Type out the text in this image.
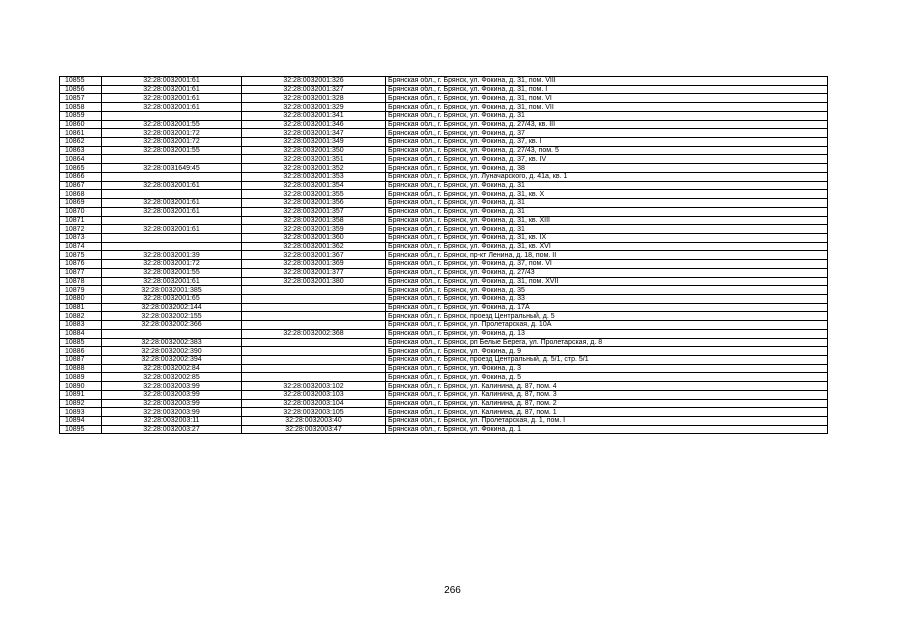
10855	32:28:0032001:61	32:28:0032001:326	Брянская обл., г. Брянск, ул. Фокина, д. 31, пом. VIII
10856	32:28:0032001:61	32:28:0032001:327	Брянская обл., г. Брянск, ул. Фокина, д. 31, пом. I
10857	32:28:0032001:61	32:28:0032001:328	Брянская обл., г. Брянск, ул. Фокина, д. 31, пом. VI
10858	32:28:0032001:61	32:28:0032001:329	Брянская обл., г. Брянск, ул. Фокина, д. 31, пом. VII
10859		32:28:0032001:341	Брянская обл., г. Брянск, ул. Фокина, д. 31
10860	32:28:0032001:55	32:28:0032001:346	Брянская обл., г. Брянск, ул. Фокина, д. 27/43, кв. III
10861	32:28:0032001:72	32:28:0032001:347	Брянская обл., г. Брянск, ул. Фокина, д. 37
10862	32:28:0032001:72	32:28:0032001:349	Брянская обл., г. Брянск, ул. Фокина, д. 37, кв. I
10863	32:28:0032001:55	32:28:0032001:350	Брянская обл., г. Брянск, ул. Фокина, д. 27/43, пом. 5
10864		32:28:0032001:351	Брянская обл., г. Брянск, ул. Фокина, д. 37, кв. IV
10865	32:28:0031649:45	32:28:0032001:352	Брянская обл., г. Брянск, ул. Фокина, д. 38
10866		32:28:0032001:353	Брянская обл., г. Брянск, ул. Луначарского, д. 41а, кв. 1
10867	32:28:0032001:61	32:28:0032001:354	Брянская обл., г. Брянск, ул. Фокина, д. 31
10868		32:28:0032001:355	Брянская обл., г. Брянск, ул. Фокина, д. 31, кв. X
10869	32:28:0032001:61	32:28:0032001:356	Брянская обл., г. Брянск, ул. Фокина, д. 31
10870	32:28:0032001:61	32:28:0032001:357	Брянская обл., г. Брянск, ул. Фокина, д. 31
10871		32:28:0032001:358	Брянская обл., г. Брянск, ул. Фокина, д. 31, кв. XIII
10872	32:28:0032001:61	32:28:0032001:359	Брянская обл., г. Брянск, ул. Фокина, д. 31
10873		32:28:0032001:360	Брянская обл., г. Брянск, ул. Фокина, д. 31, кв. IX
10874		32:28:0032001:362	Брянская обл., г. Брянск, ул. Фокина, д. 31, кв. XVI
10875	32:28:0032001:39	32:28:0032001:367	Брянская обл., г. Брянск, пр-кт Ленина, д. 18, пом. II
10876	32:28:0032001:72	32:28:0032001:369	Брянская обл., г. Брянск, ул. Фокина, д. 37, пом. VI
10877	32:28:0032001:55	32:28:0032001:377	Брянская обл., г. Брянск, ул. Фокина, д. 27/43
10878	32:28:0032001:61	32:28:0032001:380	Брянская обл., г. Брянск, ул. Фокина, д. 31, пом. XVII
10879	32:28:0032001:385		Брянская обл., г. Брянск, ул. Фокина, д. 35
10880	32:28:0032001:65		Брянская обл., г. Брянск, ул. Фокина, д. 33
10881	32:28:0032002:144		Брянская обл., г. Брянск, ул. Фокина, д. 17А
10882	32:28:0032002:155		Брянская обл., г. Брянск, проезд Центральный, д. 5
10883	32:28:0032002:366		Брянская обл., г. Брянск, ул. Пролетарская, д. 10А
10884		32:28:0032002:368	Брянская обл., г. Брянск, ул. Фокина, д. 13
10885	32:28:0032002:383		Брянская обл., г. Брянск, рп Белые Берега, ул. Пролетарская, д. 8
10886	32:28:0032002:390		Брянская обл., г. Брянск, ул. Фокина, д. 9
10887	32:28:0032002:394		Брянская обл., г. Брянск, проезд Центральный, д. 5/1, стр. 5/1
10888	32:28:0032002:84		Брянская обл., г. Брянск, ул. Фокина, д. 3
10889	32:28:0032002:85		Брянская обл., г. Брянск, ул. Фокина, д. 5
10890	32:28:0032003:99	32:28:0032003:102	Брянская обл., г. Брянск, ул. Калинина, д. 87, пом. 4
10891	32:28:0032003:99	32:28:0032003:103	Брянская обл., г. Брянск, ул. Калинина, д. 87, пом. 3
10892	32:28:0032003:99	32:28:0032003:104	Брянская обл., г. Брянск, ул. Калинина, д. 87, пом. 2
10893	32:28:0032003:99	32:28:0032003:105	Брянская обл., г. Брянск, ул. Калинина, д. 87, пом. 1
10894	32:28:0032003:11	32:28:0032003:40	Брянская обл., г. Брянск, ул. Пролетарская, д. 1, пом. I
10895	32:28:0032003:27	32:28:0032003:47	Брянская обл., г. Брянск, ул. Фокина, д. 1
266
